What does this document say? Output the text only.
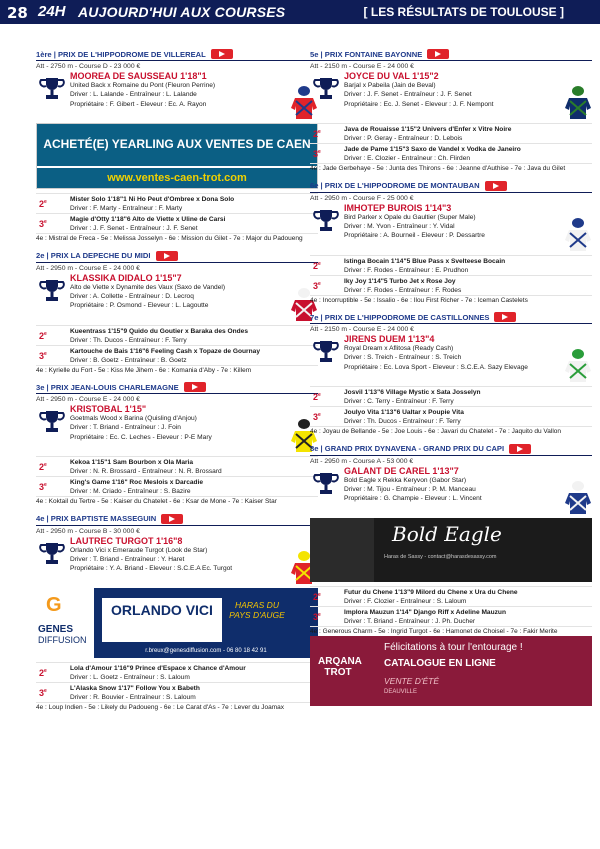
28 24H AUJOURD'HUI AUX COURSES	[ LES RÉSULTATS DE TOULOUSE ]
1ère | PRIX DE L'HIPPODROME DE VILLEREAL
Att - 2750 m - Course D - 23 000 €
MOOREA DE SAUSSEAU 1'18"1
United Back x Romaine du Pont (Fleuron Perrine)
Driver : L. Lalande - Entraîneur : L. Lalande
Propriétaire : F. Gibert - Eleveur : Ec. A. Rayon
ACHETÉ(E) YEARLING AUX VENTES DE CAEN
www.ventes-caen-trot.com
2e	Mister Solo 1'18"1 Ni Ho Peut d'Ombree x Dona Solo
Driver : F. Marty - Entraîneur : F. Marty
3e	Magie d'Otty 1'18"6 Alto de Viette x Uline de Carsi
Driver : J. F. Senet - Entraîneur : J. F. Senet
4e : Mistral de Freca - 5e : Melissa Josselyn - 6e : Mission du Gilet - 7e : Major du Padoueng
2e | PRIX LA DEPECHE DU MIDI
Att - 2950 m - Course E - 24 000 €
KLASSIKA DIDALO 1'15"7
Alto de Viette x Dynamite des Vaux (Saxo de Vandel)
Driver : A. Collette - Entraîneur : D. Lecroq
Propriétaire : P. Osmond - Eleveur : L. Lagoutte
2e	Kueentrass 1'15"9 Quido du Goutier x Baraka des Ondes
Driver : Th. Ducos - Entraîneur : F. Terry
3e	Kartouche de Bais 1'16"6 Feeling Cash x Topaze de Gournay
Driver : B. Goetz - Entraîneur : B. Goetz
4e : Kyrielle du Fort - 5e : Kiss Me Jihem - 6e : Komania d'Aby - 7e : Killem
3e | PRIX JEAN-LOUIS CHARLEMAGNE
Att - 2950 m - Course E - 24 000 €
KRISTOBAL 1'15"
Goetmals Wood x Barina (Quisling d'Anjou)
Driver : T. Briand - Entraîneur : J. Foin
Propriétaire : Ec. C. Leches - Eleveur : P-E Mary
2e	Kekoa 1'15"1 Sam Bourbon x Ola Maria
Driver : N. R. Brossard - Entraîneur : N. R. Brossard
3e	King's Game 1'16" Roc Meslois x Darcadie
Driver : M. Criado - Entraîneur : S. Bazire
4e : Koktail du Tertre - 5e : Kaiser du Chatelet - 6e : Ksar de Mone - 7e : Kaiser Star
4e | PRIX BAPTISTE MASSEGUIN
Att - 2950 m - Course B - 30 000 €
LAUTREC TURGOT 1'16"8
Orlando Vici x Emeraude Turgot (Look de Star)
Driver : T. Briand - Entraîneur : Y. Haret
Propriétaire : Y. A. Briand - Eleveur : S.C.E.A Ec. Turgot
G
GENES
DIFFUSION
ORLANDO VICI	HARAS DU PAYS D'AUGE
r.breux@genesdiffusion.com - 06 80 18 42 91
2e	Lola d'Amour 1'16"9 Prince d'Espace x Chance d'Amour
Driver : L. Goetz - Entraîneur : S. Laloum
3e	L'Alaska Snow 1'17" Follow You x Babeth
Driver : R. Bouvier - Entraîneur : S. Laloum
4e : Loup Indien - 5e : Likely du Padoueng - 6e : Le Carat d'As - 7e : Lever du Joamax
5e | PRIX FONTAINE BAYONNE
Att - 2150 m - Course E - 24 000 €
JOYCE DU VAL 1'15"2
Barjal x Pabeila (Jain de Beval)
Driver : J. F. Senet - Entraîneur : J. F. Senet
Propriétaire : Ec. J. Senet - Eleveur : J. F. Nempont
2e	Java de Rouaisse 1'15"2 Univers d'Enfer x Vitre Noire
Driver : P. Geray - Entraîneur : D. Lebois
3e	Jade de Pame 1'15"3 Saxo de Vandel x Vodka de Janeiro
Driver : E. Clozier - Entraîneur : Ch. Flirden
4e : Jade Gerbehaye - 5e : Junta des Thirons - 6e : Jeanne d'Authise - 7e : Java du Gilet
6e | PRIX DE L'HIPPODROME DE MONTAUBAN
Att - 2950 m - Course F - 25 000 €
IMHOTEP BUROIS 1'14"3
Bird Parker x Opale du Gaultier (Super Male)
Driver : M. Yvon - Entraîneur : Y. Vidal
Propriétaire : A. Bourneil - Eleveur : P. Dessartre
2e	Istinga Bocain 1'14"5 Blue Pass x Svelteese Bocain
Driver : F. Rodes - Entraîneur : E. Prudhon
3e	Iky Joy 1'14"5 Turbo Jet x Rose Joy
Driver : F. Rodes - Entraîneur : F. Rodes
4e : Incorruptible - 5e : Issalio - 6e : Ilou First Richer - 7e : Iceman Castelets
7e | PRIX DE L'HIPPODROME DE CASTILLONNES
Att - 2150 m - Course E - 24 000 €
JIRENS DUEM 1'13"4
Royal Dream x Aflitosa (Ready Cash)
Driver : S. Treich - Entraîneur : S. Treich
Propriétaire : Ec. Lova Sport - Eleveur : S.C.E.A. Sazy Elevage
2e	Josvil 1'13"6 Village Mystic x Sata Josselyn
Driver : C. Terry - Entraîneur : F. Terry
3e	Joulyo Vita 1'13"6 Ualtar x Poupie Vita
Driver : Th. Ducos - Entraîneur : F. Terry
4e : Joyau de Bellande - 5e : Joe Louis - 6e : Javari du Chatelet - 7e : Jaquito du Vallon
8e | GRAND PRIX DYNAVENA - GRAND PRIX DU CAPI
Att - 2950 m - Course A - 53 000 €
GALANT DE CAREL 1'13"7
Bold Eagle x Rekka Keryvon (Gabor Star)
Driver : M. Tijou - Entraîneur : P. M. Manceau
Propriétaire : G. Champie - Eleveur : L. Vincent
Bold Eagle
Haras de Sassy - contact@harasdesassy.com
2e	Futur du Chene 1'13"9 Milord du Chene x Ura du Chene
Driver : F. Clozier - Entraîneur : S. Laloum
3e	Implora Mauzun 1'14" Django Riff x Adeline Mauzun
Driver : T. Briand - Entraîneur : J. Ph. Ducher
4e : Generous Charm - 5e : Ingrid Turgot - 6e : Hamonet de Choisel - 7e : Fakir Merite
ARQANA TROT
Félicitations à tour l'entourage !
CATALOGUE EN LIGNE
VENTE D'ÉTÉ
DEAUVILLE
